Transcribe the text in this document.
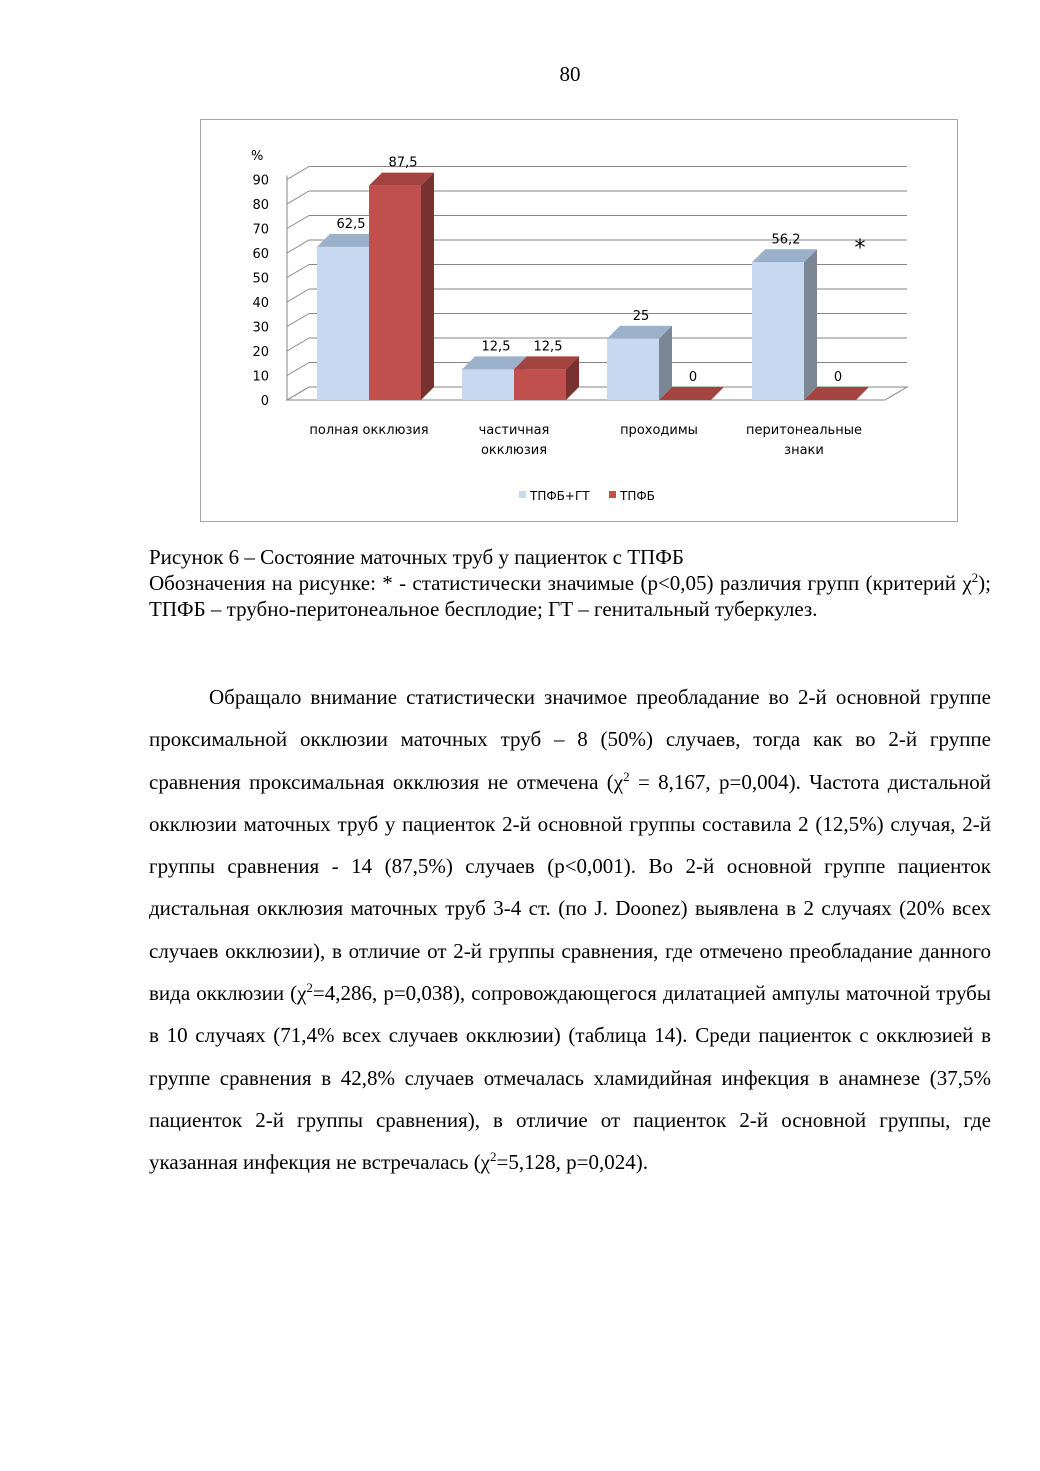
80
0
10
20
30
40
50
60
70
80
90
%
62,5
87,5
полная окклюзия
12,5 12,5
частичная
окклюзия
25
0
проходимы
56,2
0
перитонеальные
знаки
*
ТПФБ+ГТ	ТПФБ
Рисунок 6 – Состояние маточных труб у пациенток с ТПФБ
Обозначения на рисунке: * - статистически значимые (p<0,05) различия групп (критерий $\chi^2$); ТПФБ – трубно-перитонеальное бесплодие; ГТ – генитальный туберкулез.

Обращало внимание статистически значимое преобладание во 2-й основной группе проксимальной окклюзии маточных труб – 8 (50%) случаев, тогда как во 2-й группе сравнения проксимальная окклюзия не отмечена ($\chi^2 = 8,167$, p=0,004). Частота дистальной окклюзии маточных труб у пациенток 2-й основной группы составила 2 (12,5%) случая, 2-й группы сравнения - 14 (87,5%) случаев (p<0,001). Во 2-й основной группе пациенток дистальная окклюзия маточных труб 3-4 ст. (по J. Doonez) выявлена в 2 случаях (20% всех случаев окклюзии), в отличие от 2-й группы сравнения, где отмечено преобладание данного вида окклюзии ($\chi^2=4,286$, p=0,038), сопровождающегося дилатацией ампулы маточной трубы в 10 случаях (71,4% всех случаев окклюзии) (таблица 14). Среди пациенток с окклюзией в группе сравнения в 42,8% случаев отмечалась хламидийная инфекция в анамнезе (37,5% пациенток 2-й группы сравнения), в отличие от пациенток 2-й основной группы, где указанная инфекция не встречалась ($\chi^2=5,128$, p=0,024).
